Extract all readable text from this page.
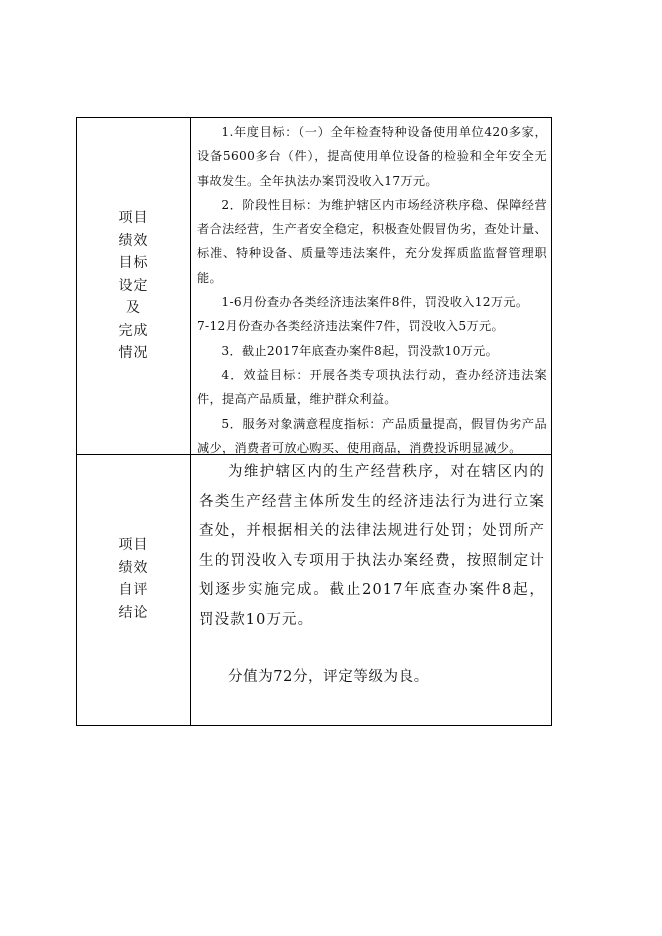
项目
绩效
目标
设定
及
完成
情况

1.年度目标：（一）全年检查特种设备使用单位420多家，设备5600多台（件），提高使用单位设备的检验和全年安全无事故发生。全年执法办案罚没收入17万元。

2．阶段性目标：为维护辖区内市场经济秩序稳、保障经营者合法经营，生产者安全稳定，积极查处假冒伪劣，查处计量、标准、特种设备、质量等违法案件，充分发挥质监监督管理职能。

1-6月份查办各类经济违法案件8件，罚没收入12万元。

7-12月份查办各类经济违法案件7件，罚没收入5万元。

3．截止2017年底查办案件8起，罚没款10万元。

4．效益目标：开展各类专项执法行动，查办经济违法案件，提高产品质量，维护群众利益。

5．服务对象满意程度指标：产品质量提高，假冒伪劣产品减少，消费者可放心购买、使用商品，消费投诉明显减少。

项目
绩效
自评
结论

为维护辖区内的生产经营秩序，对在辖区内的各类生产经营主体所发生的经济违法行为进行立案查处，并根据相关的法律法规进行处罚；处罚所产生的罚没收入专项用于执法办案经费，按照制定计划逐步实施完成。截止2017年底查办案件8起，罚没款10万元。

分值为72分，评定等级为良。
